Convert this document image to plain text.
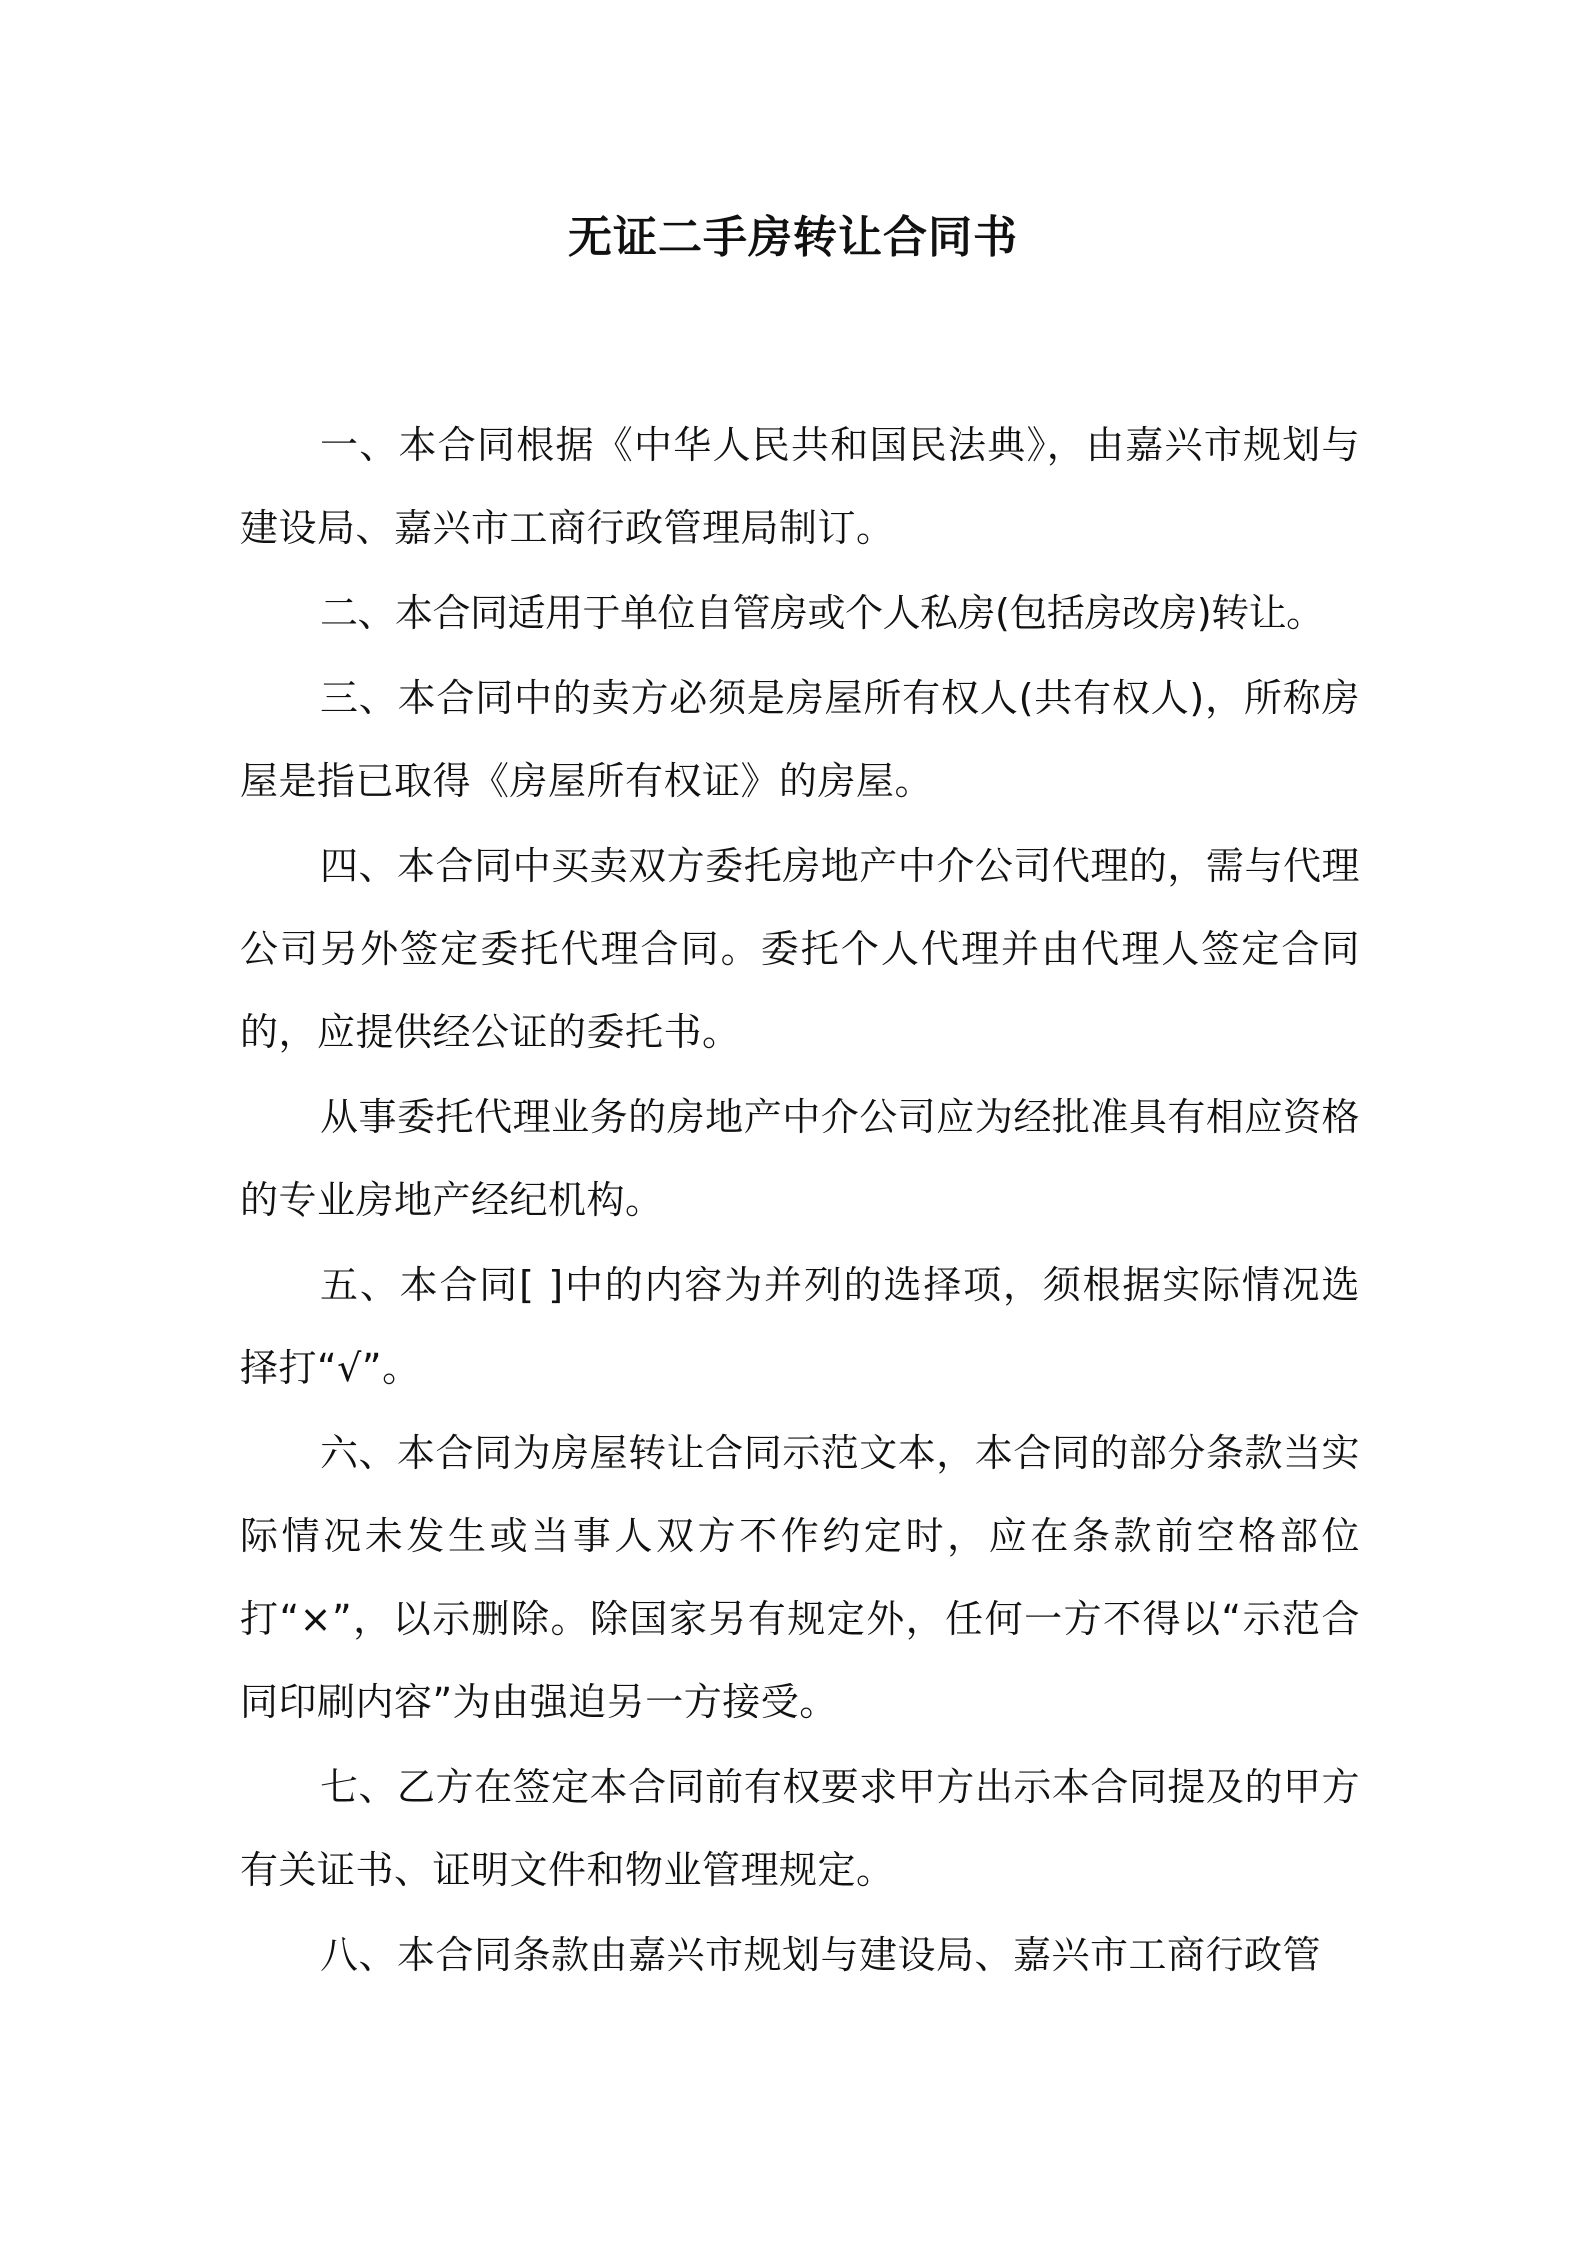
无证二手房转让合同书

一、本合同根据《中华人民共和国民法典》，由嘉兴市规划与建设局、嘉兴市工商行政管理局制订。

二、本合同适用于单位自管房或个人私房(包括房改房)转让。

三、本合同中的卖方必须是房屋所有权人(共有权人)，所称房屋是指已取得《房屋所有权证》的房屋。

四、本合同中买卖双方委托房地产中介公司代理的，需与代理公司另外签定委托代理合同。委托个人代理并由代理人签定合同的，应提供经公证的委托书。

从事委托代理业务的房地产中介公司应为经批准具有相应资格的专业房地产经纪机构。

五、本合同[ ]中的内容为并列的选择项，须根据实际情况选择打“√”。

六、本合同为房屋转让合同示范文本，本合同的部分条款当实际情况未发生或当事人双方不作约定时，应在条款前空格部位打“×”，以示删除。除国家另有规定外，任何一方不得以“示范合同印刷内容”为由强迫另一方接受。

七、乙方在签定本合同前有权要求甲方出示本合同提及的甲方有关证书、证明文件和物业管理规定。

八、本合同条款由嘉兴市规划与建设局、嘉兴市工商行政管
